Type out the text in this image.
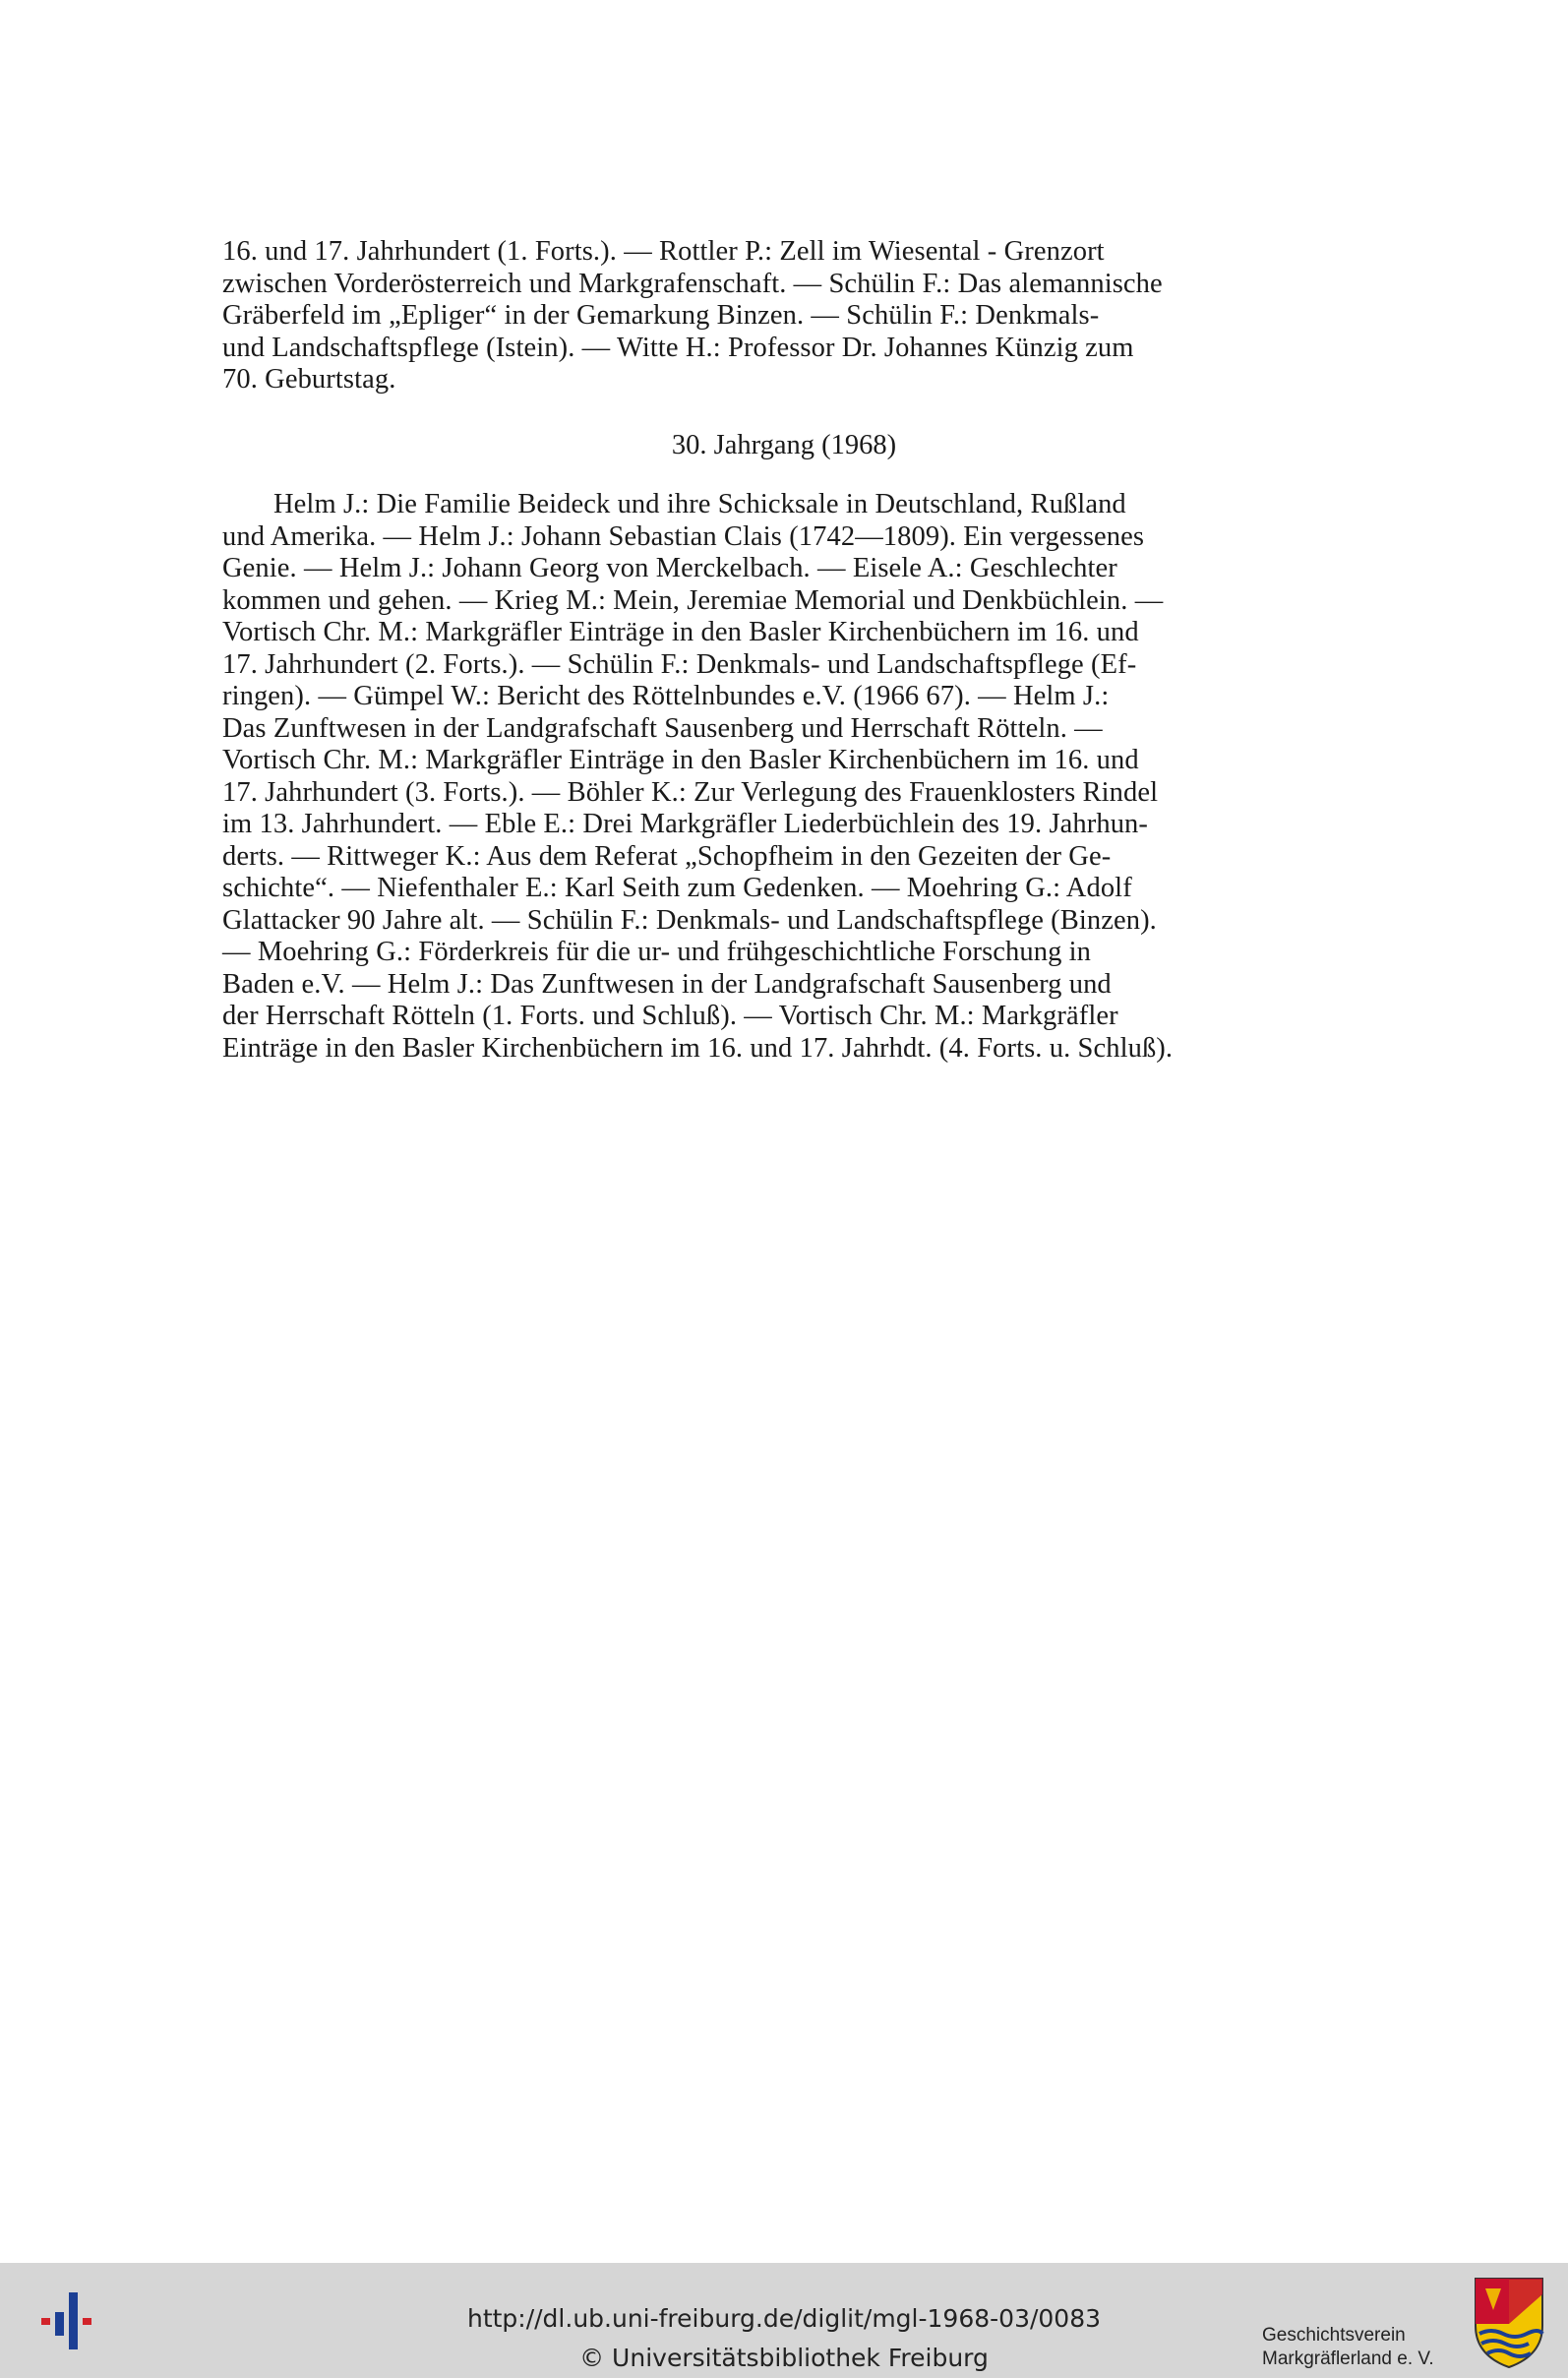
16. und 17. Jahrhundert (1. Forts.). — Rottler P.: Zell im Wiesental - Grenzort
zwischen Vorderösterreich und Markgrafenschaft. — Schülin F.: Das alemannische
Gräberfeld im „Epliger“ in der Gemarkung Binzen. — Schülin F.: Denkmals-
und Landschaftspflege (Istein). — Witte H.: Professor Dr. Johannes Künzig zum
70. Geburtstag.
30. Jahrgang (1968)
Helm J.: Die Familie Beideck und ihre Schicksale in Deutschland, Rußland
und Amerika. — Helm J.: Johann Sebastian Clais (1742—1809). Ein vergessenes
Genie. — Helm J.: Johann Georg von Merckelbach. — Eisele A.: Geschlechter
kommen und gehen. — Krieg M.: Mein, Jeremiae Memorial und Denkbüchlein. —
Vortisch Chr. M.: Markgräfler Einträge in den Basler Kirchenbüchern im 16. und
17. Jahrhundert (2. Forts.). — Schülin F.: Denkmals- und Landschaftspflege (Ef-
ringen). — Gümpel W.: Bericht des Röttelnbundes e.V. (1966 67). — Helm J.:
Das Zunftwesen in der Landgrafschaft Sausenberg und Herrschaft Rötteln. —
Vortisch Chr. M.: Markgräfler Einträge in den Basler Kirchenbüchern im 16. und
17. Jahrhundert (3. Forts.). — Böhler K.: Zur Verlegung des Frauenklosters Rindel
im 13. Jahrhundert. — Eble E.: Drei Markgräfler Liederbüchlein des 19. Jahrhun-
derts. — Rittweger K.: Aus dem Referat „Schopfheim in den Gezeiten der Ge-
schichte“. — Niefenthaler E.: Karl Seith zum Gedenken. — Moehring G.: Adolf
Glattacker 90 Jahre alt. — Schülin F.: Denkmals- und Landschaftspflege (Binzen).
— Moehring G.: Förderkreis für die ur- und frühgeschichtliche Forschung in
Baden e.V. — Helm J.: Das Zunftwesen in der Landgrafschaft Sausenberg und
der Herrschaft Rötteln (1. Forts. und Schluß). — Vortisch Chr. M.: Markgräfler
Einträge in den Basler Kirchenbüchern im 16. und 17. Jahrhdt. (4. Forts. u. Schluß).
http://dl.ub.uni-freiburg.de/diglit/mgl-1968-03/0083
© Universitätsbibliothek Freiburg
Geschichtsverein
Markgräflerland e. V.
